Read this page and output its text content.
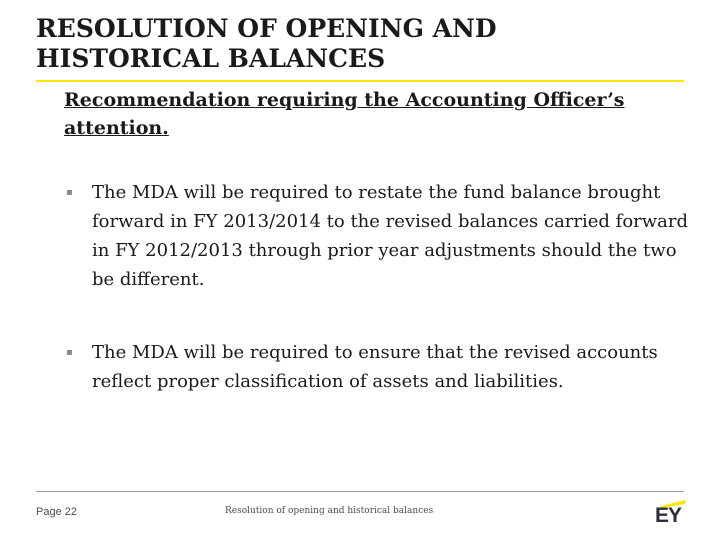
RESOLUTION OF OPENING AND HISTORICAL BALANCES

Recommendation requiring the Accounting Officer’s attention.

▪ The MDA will be required to restate the fund balance brought forward in FY 2013/2014 to the revised balances carried forward in FY 2012/2013 through prior year adjustments should the two be different.
▪ The MDA will be required to ensure that the revised accounts reflect proper classification of assets and liabilities.
Page 22	Resolution of opening and historical balances	EY
